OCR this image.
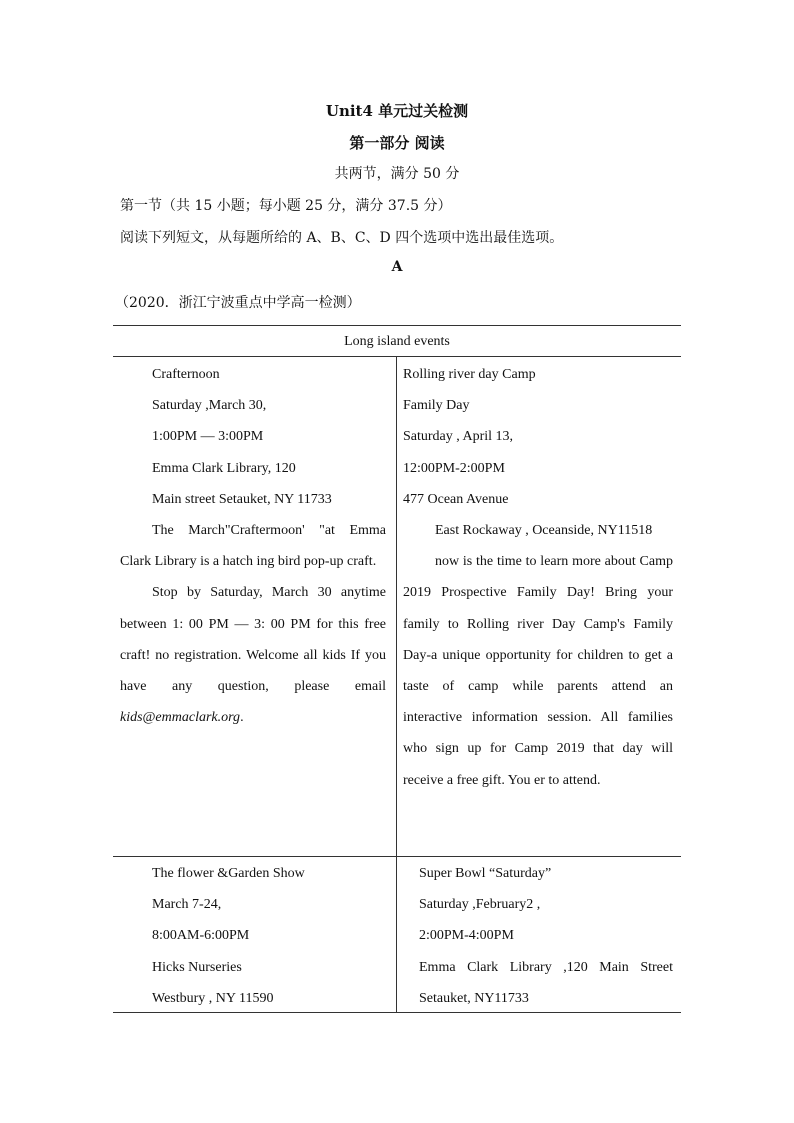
Unit4 单元过关检测
第一部分 阅读
共两节，满分 50 分
第一节（共 15 小题；每小题 25 分，满分 37.5 分）
阅读下列短文，从每题所给的 A、B、C、D 四个选项中选出最佳选项。
A
（2020．浙江宁波重点中学高一检测）
Long island events

Crafternoon

Saturday ,March 30,

1:00PM — 3:00PM

Emma Clark Library, 120

Main street Setauket, NY 11733

The March"Craftermoon' "at Emma Clark Library is a hatch ing bird pop-up craft.

Stop by Saturday, March 30 anytime between 1: 00 PM — 3: 00 PM for this free craft! no registration. Welcome all kids If you have any question, please email kids@emmaclark.org.

Rolling river day Camp

Family Day

Saturday , April 13,

12:00PM-2:00PM

477 Ocean Avenue

East Rockaway , Oceanside, NY11518

now is the time to learn more about Camp 2019 Prospective Family Day! Bring your family to Rolling river Day Camp's Family Day-a unique opportunity for children to get a taste of camp while parents attend an interactive information session. All families who sign up for Camp 2019 that day will receive a free gift. You er to attend.

The flower &Garden Show

March 7-24,

8:00AM-6:00PM

Hicks Nurseries

Westbury , NY 11590

Super Bowl “Saturday”

Saturday ,February2 ,

2:00PM-4:00PM

Emma Clark Library ,120 Main Street Setauket, NY11733
